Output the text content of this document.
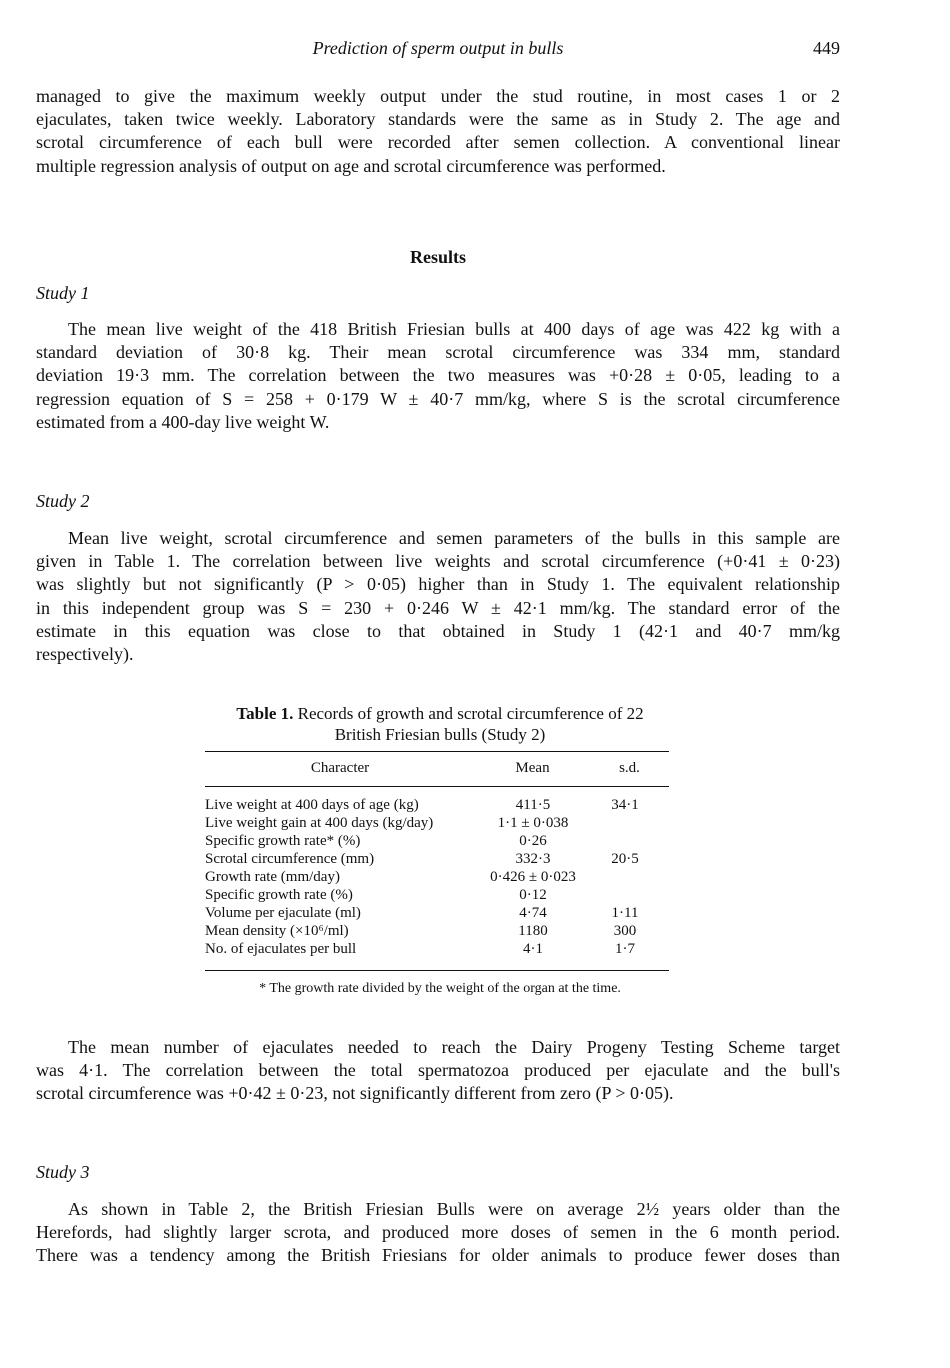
Prediction of sperm output in bulls	449
managed to give the maximum weekly output under the stud routine, in most cases 1 or 2
ejaculates, taken twice weekly. Laboratory standards were the same as in Study 2. The age and
scrotal circumference of each bull were recorded after semen collection. A conventional linear
multiple regression analysis of output on age and scrotal circumference was performed.
Results
Study 1
The mean live weight of the 418 British Friesian bulls at 400 days of age was 422 kg with a
standard deviation of 30·8 kg. Their mean scrotal circumference was 334 mm, standard
deviation 19·3 mm. The correlation between the two measures was +0·28 ± 0·05, leading to a
regression equation of S = 258 + 0·179 W ± 40·7 mm/kg, where S is the scrotal circumference
estimated from a 400-day live weight W.
Study 2
Mean live weight, scrotal circumference and semen parameters of the bulls in this sample are
given in Table 1. The correlation between live weights and scrotal circumference (+0·41 ± 0·23)
was slightly but not significantly (P > 0·05) higher than in Study 1. The equivalent relationship
in this independent group was S = 230 + 0·246 W ± 42·1 mm/kg. The standard error of the
estimate in this equation was close to that obtained in Study 1 (42·1 and 40·7 mm/kg
respectively).
Table 1. Records of growth and scrotal circumference of 22
British Friesian bulls (Study 2)
Character	Mean	s.d.
Live weight at 400 days of age (kg)	411·5	34·1
Live weight gain at 400 days (kg/day)	1·1 ± 0·038
Specific growth rate* (%)	0·26
Scrotal circumference (mm)	332·3	20·5
Growth rate (mm/day)	0·426 ± 0·023
Specific growth rate (%)	0·12
Volume per ejaculate (ml)	4·74	1·11
Mean density (×10⁶/ml)	1180	300
No. of ejaculates per bull	4·1	1·7
* The growth rate divided by the weight of the organ at the time.
The mean number of ejaculates needed to reach the Dairy Progeny Testing Scheme target
was 4·1. The correlation between the total spermatozoa produced per ejaculate and the bull's
scrotal circumference was +0·42 ± 0·23, not significantly different from zero (P > 0·05).
Study 3
As shown in Table 2, the British Friesian Bulls were on average 2½ years older than the
Herefords, had slightly larger scrota, and produced more doses of semen in the 6 month period.
There was a tendency among the British Friesians for older animals to produce fewer doses than
